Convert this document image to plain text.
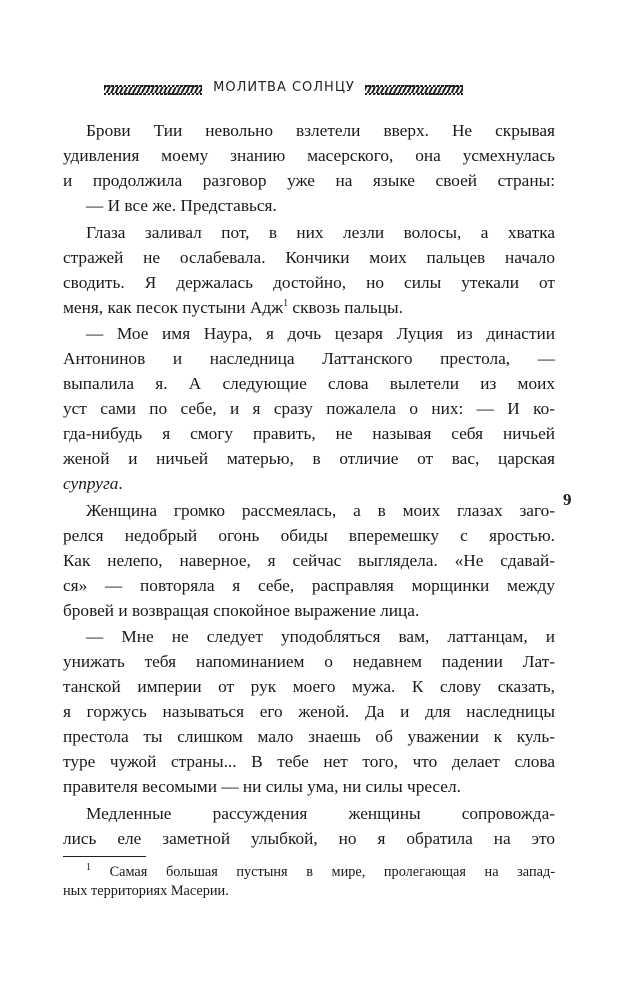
МОЛИТВА СОЛНЦУ
Брови Тии невольно взлетели вверх. Не скрывая
удивления моему знанию масерского, она усмехнулась
и продолжила разговор уже на языке своей страны:
— И все же. Представься.
Глаза заливал пот, в них лезли волосы, а хватка
стражей не ослабевала. Кончики моих пальцев начало
сводить. Я держалась достойно, но силы утекали от
меня, как песок пустыни Адж$^1$ сквозь пальцы.
— Мое имя Наура, я дочь цезаря Луция из династии
Антонинов и наследница Латтанского престола, —
выпалила я. А следующие слова вылетели из моих
уст сами по себе, и я сразу пожалела о них: — И ко-
гда-нибудь я смогу править, не называя себя ничьей
женой и ничьей матерью, в отличие от вас, царская
супруга.
Женщина громко рассмеялась, а в моих глазах заго-
релся недобрый огонь обиды вперемешку с яростью.
Как нелепо, наверное, я сейчас выглядела. «Не сдавай-
ся» — повторяла я себе, расправляя морщинки между
бровей и возвращая спокойное выражение лица.
— Мне не следует уподобляться вам, латтанцам, и
унижать тебя напоминанием о недавнем падении Лат-
танской империи от рук моего мужа. К слову сказать,
я горжусь называться его женой. Да и для наследницы
престола ты слишком мало знаешь об уважении к куль-
туре чужой страны... В тебе нет того, что делает слова
правителя весомыми — ни силы ума, ни силы чресел.
Медленные рассуждения женщины сопровожда-
лись еле заметной улыбкой, но я обратила на это
9
$^1$ Самая большая пустыня в мире, пролегающая на запад-
ных территориях Масерии.
